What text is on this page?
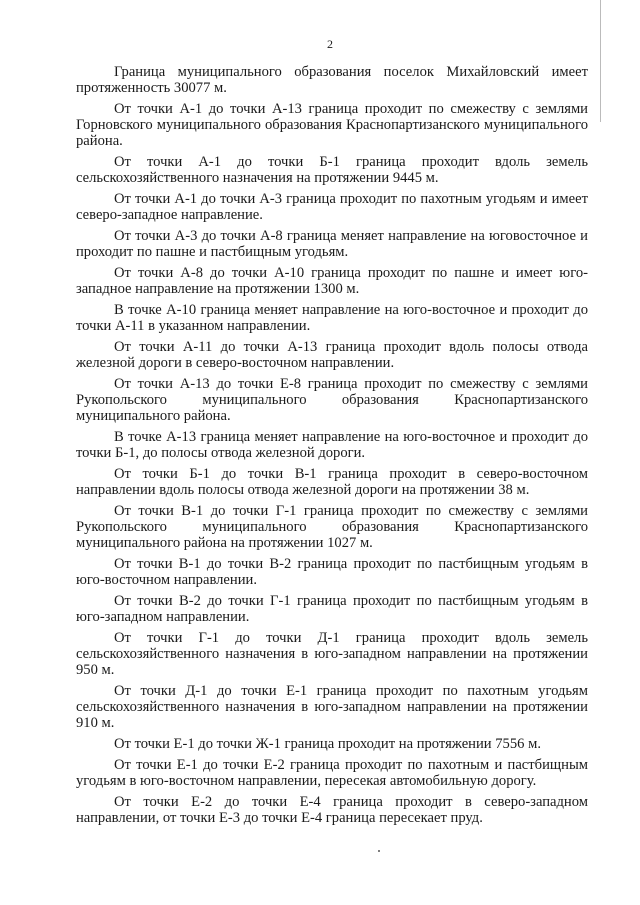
2

Граница муниципального образования поселок Михайловский имеет протяженность 30077 м.

От точки А-1 до точки А-13 граница проходит по смежеству с землями Горновского муниципального образования Краснопартизанского муниципального района.

От точки А-1 до точки Б-1 граница проходит вдоль земель сельскохозяйственного назначения на протяжении 9445 м.

От точки А-1 до точки А-3 граница проходит по пахотным угодьям и имеет северо-западное направление.

От точки А-3 до точки А-8 граница меняет направление на юговосточное и проходит по пашне и пастбищным угодьям.

От точки А-8 до точки А-10 граница проходит по пашне и имеет юго-западное направление на протяжении 1300 м.

В точке А-10 граница меняет направление на юго-восточное и проходит до точки А-11 в указанном направлении.

От точки А-11 до точки А-13 граница проходит вдоль полосы отвода железной дороги в северо-восточном направлении.

От точки А-13 до точки Е-8 граница проходит по смежеству с землями Рукопольского муниципального образования Краснопартизанского муниципального района.

В точке А-13 граница меняет направление на юго-восточное и проходит до точки Б-1, до полосы отвода железной дороги.

От точки Б-1 до точки В-1 граница проходит в северо-восточном направлении вдоль полосы отвода железной дороги на протяжении 38 м.

От точки В-1 до точки Г-1 граница проходит по смежеству с землями Рукопольского муниципального образования Краснопартизанского муниципального района на протяжении 1027 м.

От точки В-1 до точки В-2 граница проходит по пастбищным угодьям в юго-восточном направлении.

От точки В-2 до точки Г-1 граница проходит по пастбищным угодьям в юго-западном направлении.

От точки Г-1 до точки Д-1 граница проходит вдоль земель сельскохозяйственного назначения в юго-западном направлении на протяжении 950 м.

От точки Д-1 до точки Е-1 граница проходит по пахотным угодьям сельскохозяйственного назначения в юго-западном направлении на протяжении 910 м.

От точки Е-1 до точки Ж-1 граница проходит на протяжении 7556 м.

От точки Е-1 до точки Е-2 граница проходит по пахотным и пастбищным угодьям в юго-восточном направлении, пересекая автомобильную дорогу.

От точки Е-2 до точки Е-4 граница проходит в северо-западном направлении, от точки Е-3 до точки Е-4 граница пересекает пруд.
